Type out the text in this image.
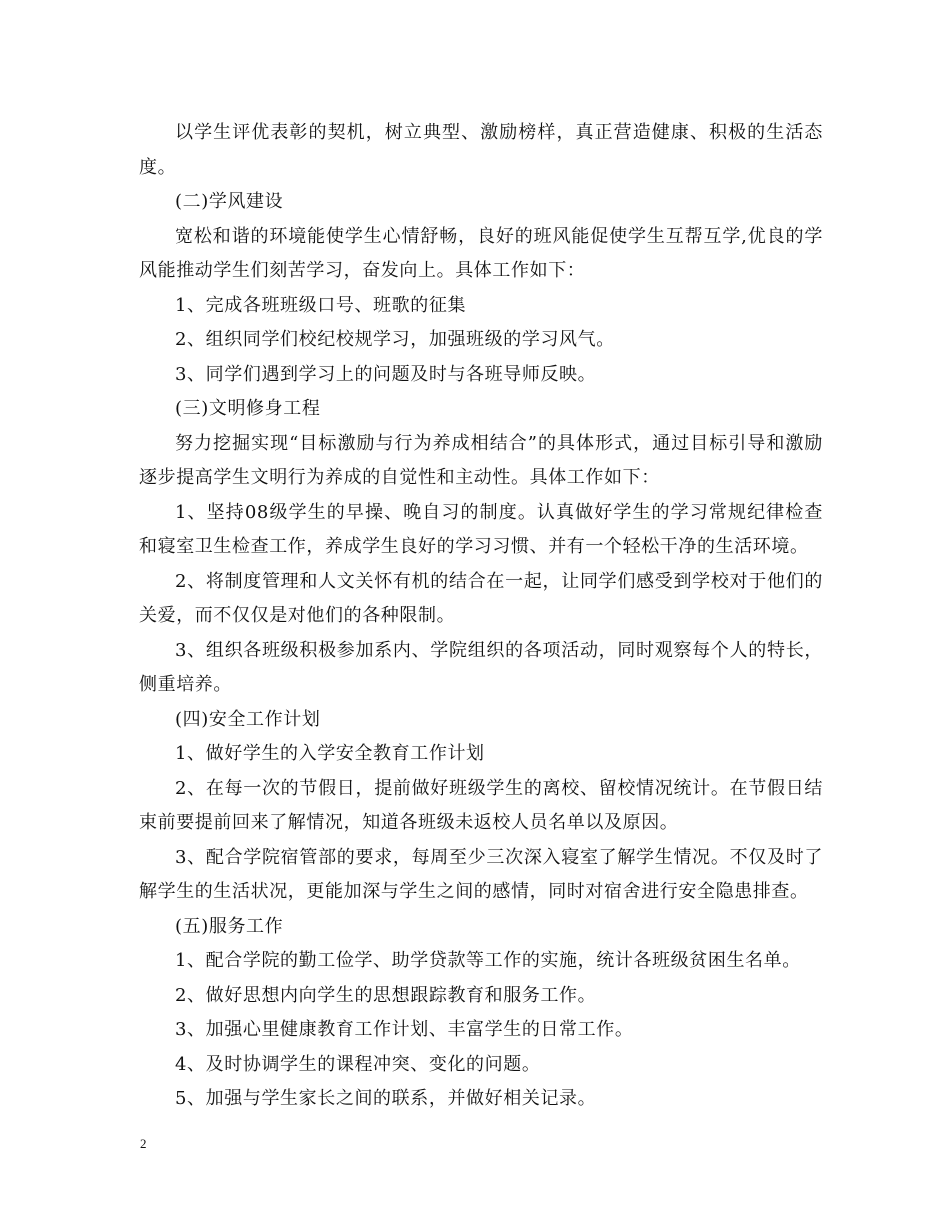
以学生评优表彰的契机，树立典型、激励榜样，真正营造健康、积极的生活态度。

(二)学风建设

宽松和谐的环境能使学生心情舒畅，良好的班风能促使学生互帮互学,优良的学风能推动学生们刻苦学习，奋发向上。具体工作如下：

1、完成各班班级口号、班歌的征集

2、组织同学们校纪校规学习，加强班级的学习风气。

3、同学们遇到学习上的问题及时与各班导师反映。

(三)文明修身工程

努力挖掘实现“目标激励与行为养成相结合”的具体形式，通过目标引导和激励逐步提高学生文明行为养成的自觉性和主动性。具体工作如下：

1、坚持08级学生的早操、晚自习的制度。认真做好学生的学习常规纪律检查和寝室卫生检查工作，养成学生良好的学习习惯、并有一个轻松干净的生活环境。

2、将制度管理和人文关怀有机的结合在一起，让同学们感受到学校对于他们的关爱，而不仅仅是对他们的各种限制。

3、组织各班级积极参加系内、学院组织的各项活动，同时观察每个人的特长，侧重培养。

(四)安全工作计划

1、做好学生的入学安全教育工作计划

2、在每一次的节假日，提前做好班级学生的离校、留校情况统计。在节假日结束前要提前回来了解情况，知道各班级未返校人员名单以及原因。

3、配合学院宿管部的要求，每周至少三次深入寝室了解学生情况。不仅及时了解学生的生活状况，更能加深与学生之间的感情，同时对宿舍进行安全隐患排查。

(五)服务工作

1、配合学院的勤工俭学、助学贷款等工作的实施，统计各班级贫困生名单。

2、做好思想内向学生的思想跟踪教育和服务工作。

3、加强心里健康教育工作计划、丰富学生的日常工作。

4、及时协调学生的课程冲突、变化的问题。

5、加强与学生家长之间的联系，并做好相关记录。

2
